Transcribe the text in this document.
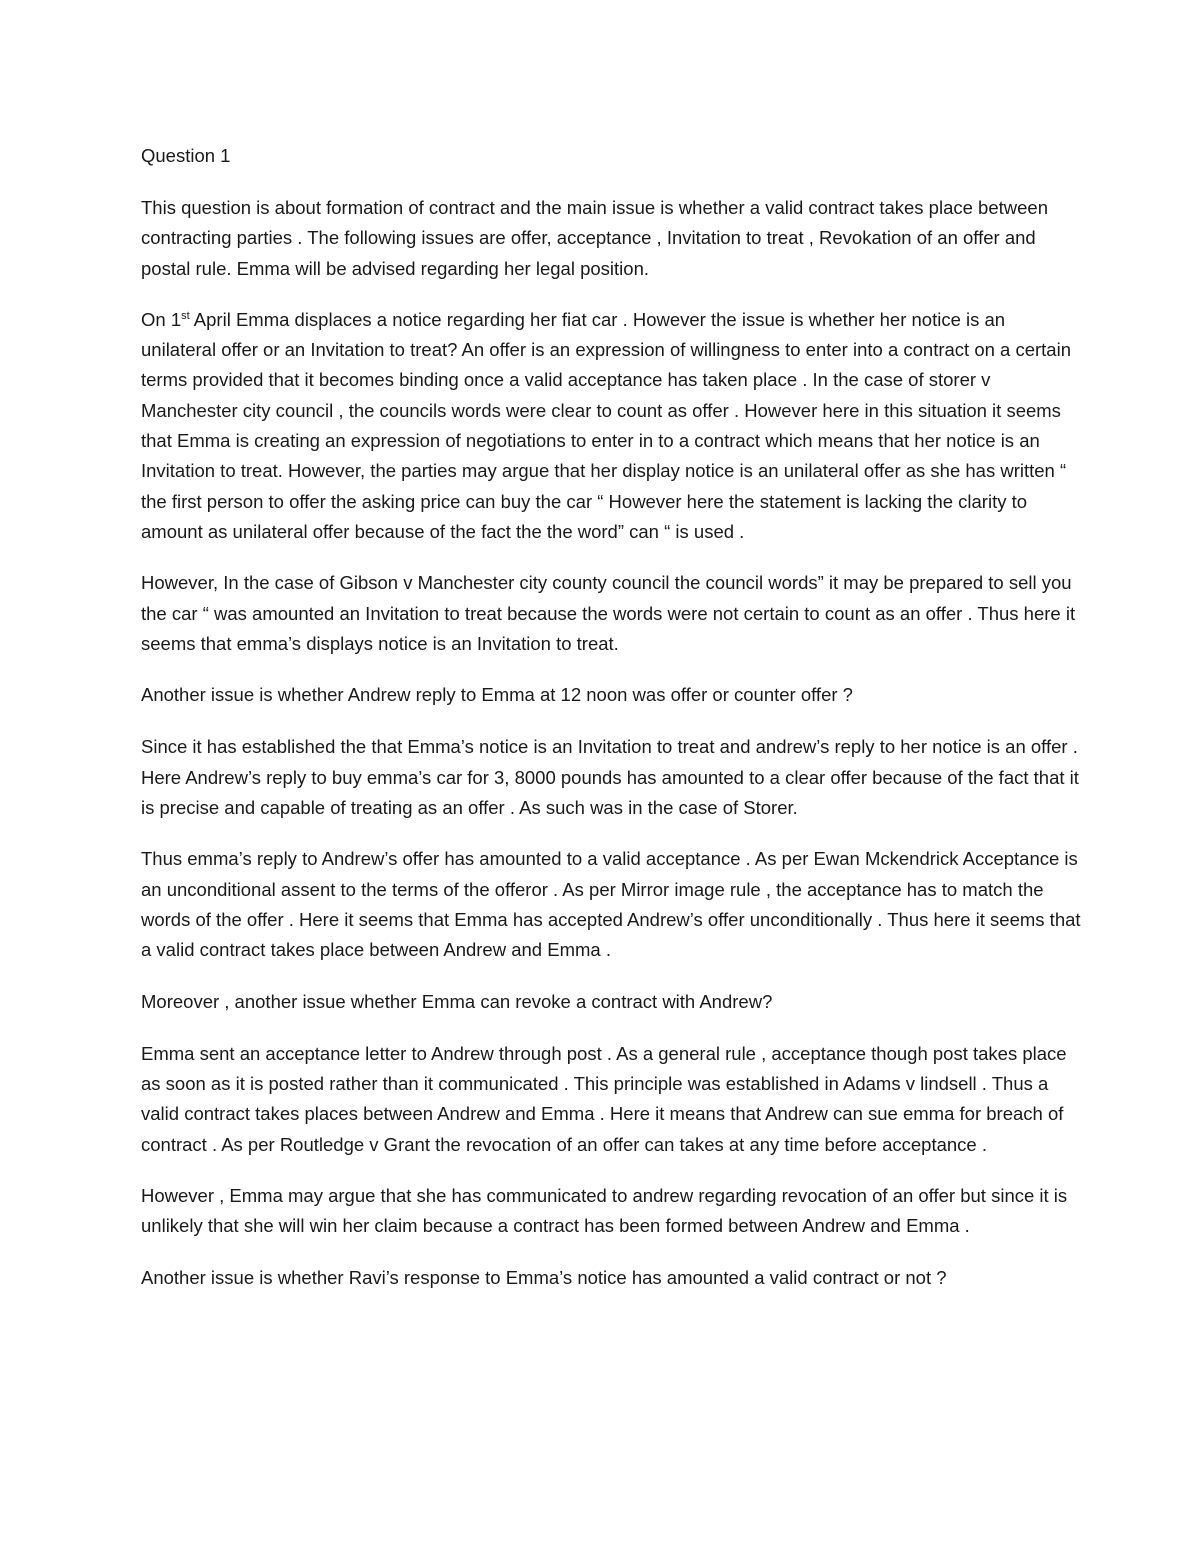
Question 1

This question is about formation of contract and the main issue is whether a valid contract takes place between contracting parties . The following issues are offer, acceptance , Invitation to treat , Revokation of an offer and postal rule. Emma will be advised regarding her legal position.

On 1st April Emma displaces a notice regarding her fiat car . However the issue is whether her notice is an unilateral offer or an Invitation to treat? An offer is an expression of willingness to enter into a contract on a certain terms provided that it becomes binding once a valid acceptance has taken place . In the case of storer v Manchester city council , the councils words were clear to count as offer . However here in this situation it seems that Emma is creating an expression of negotiations to enter in to a contract which means that her notice is an Invitation to treat. However, the parties may argue that her display notice is an unilateral offer as she has written “ the first person to offer the asking price can buy the car “ However here the statement is lacking the clarity to amount as unilateral offer because of the fact the the word” can “ is used .

However, In the case of Gibson v Manchester city county council the council words” it may be prepared to sell you the car “ was amounted an Invitation to treat because the words were not certain to count as an offer . Thus here it seems that emma’s displays notice is an Invitation to treat.

Another issue is whether Andrew reply to Emma at 12 noon was offer or counter offer ?

Since it has established the that Emma’s notice is an Invitation to treat and andrew’s reply to her notice is an offer . Here Andrew’s reply to buy emma’s car for 3, 8000 pounds has amounted to a clear offer because of the fact that it is precise and capable of treating as an offer . As such was in the case of Storer.

Thus emma’s reply to Andrew’s offer has amounted to a valid acceptance . As per Ewan Mckendrick Acceptance is an unconditional assent to the terms of the offeror . As per Mirror image rule , the acceptance has to match the words of the offer . Here it seems that Emma has accepted Andrew’s offer unconditionally . Thus here it seems that a valid contract takes place between Andrew and Emma .

Moreover , another issue whether Emma can revoke a contract with Andrew?

Emma sent an acceptance letter to Andrew through post . As a general rule , acceptance though post takes place as soon as it is posted rather than it communicated . This principle was established in Adams v lindsell . Thus a valid contract takes places between Andrew and Emma . Here it means that Andrew can sue emma for breach of contract . As per Routledge v Grant the revocation of an offer can takes at any time before acceptance .

However , Emma may argue that she has communicated to andrew regarding revocation of an offer but since it is unlikely that she will win her claim because a contract has been formed between Andrew and Emma .

Another issue is whether Ravi’s response to Emma’s notice has amounted a valid contract or not ?
